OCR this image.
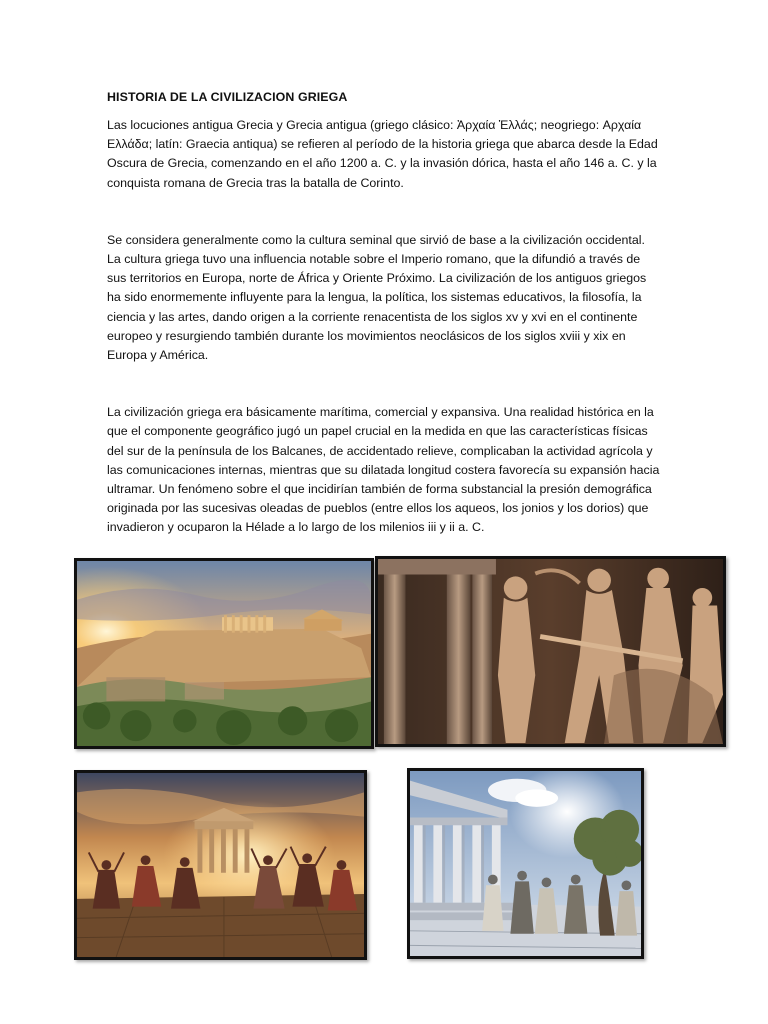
HISTORIA DE LA CIVILIZACION GRIEGA

Las locuciones antigua Grecia y Grecia antigua (griego clásico: Ἀρχαία Ἑλλάς; neogriego: Αρχαία Ελλάδα; latín: Graecia antiqua) se refieren al período de la historia griega que abarca desde la Edad Oscura de Grecia, comenzando en el año 1200 a. C. y la invasión dórica, hasta el año 146 a. C. y la conquista romana de Grecia tras la batalla de Corinto.

Se considera generalmente como la cultura seminal que sirvió de base a la civilización occidental. La cultura griega tuvo una influencia notable sobre el Imperio romano, que la difundió a través de sus territorios en Europa, norte de África y Oriente Próximo. La civilización de los antiguos griegos ha sido enormemente influyente para la lengua, la política, los sistemas educativos, la filosofía, la ciencia y las artes, dando origen a la corriente renacentista de los siglos xv y xvi en el continente europeo y resurgiendo también durante los movimientos neoclásicos de los siglos xviii y xix en Europa y América.

La civilización griega era básicamente marítima, comercial y expansiva. Una realidad histórica en la que el componente geográfico jugó un papel crucial en la medida en que las características físicas del sur de la península de los Balcanes, de accidentado relieve, complicaban la actividad agrícola y las comunicaciones internas, mientras que su dilatada longitud costera favorecía su expansión hacia ultramar. Un fenómeno sobre el que incidirían también de forma substancial la presión demográfica originada por las sucesivas oleadas de pueblos (entre ellos los aqueos, los jonios y los dorios) que invadieron y ocuparon la Hélade a lo largo de los milenios iii y ii a. C.
